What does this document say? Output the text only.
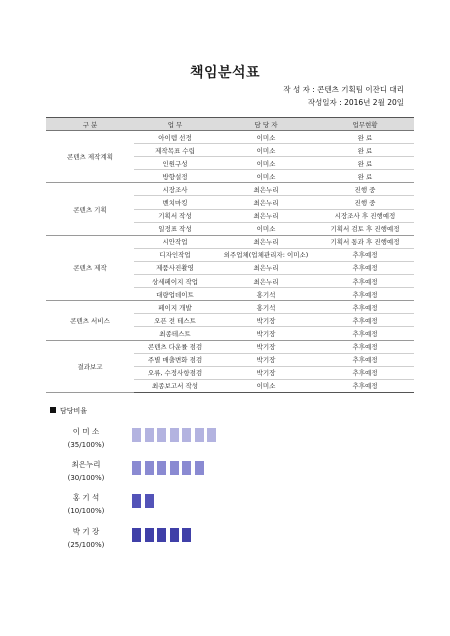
책임분석표
작 성 자 : 콘텐츠 기획팀 이잔디 대리
작성일자 : 2016년 2월 20일
구 분	업 무	담 당 자	업무현황
콘텐츠 제작계획	아이템 선정	이미소	완 료
	제작목표 수립	이미소	완 료
	인원구성	이미소	완 료
	방향설정	이미소	완 료
콘텐츠 기획	시장조사	최은누리	진행 중
	벤치마킹	최은누리	진행 중
	기획서 작성	최은누리	시장조사 후 진행예정
	일정표 작성	이미소	기획서 검토 후 진행예정
콘텐츠 제작	시안작업	최은누리	기획서 통과 후 진행예정
	디자인작업	외주업체(업체관리자: 이미소)	추후예정
	제품사진촬영	최은누리	추후예정
	상세페이지 작업	최은누리	추후예정
	대량업데이트	홍기석	추후예정
콘텐츠 서비스	페이지 개발	홍기석	추후예정
	오픈 전 테스트	박기장	추후예정
	최종테스트	박기장	추후예정
결과보고	콘텐츠 다운률 점검	박기장	추후예정
	주별 매출변화 점검	박기장	추후예정
	오류, 수정사항점검	박기장	추후예정
	최종보고서 작성	이미소	추후예정
담당비율
이 미 소
(35/100%)
최은누리
(30/100%)
홍 기 석
(10/100%)
박 기 장
(25/100%)
